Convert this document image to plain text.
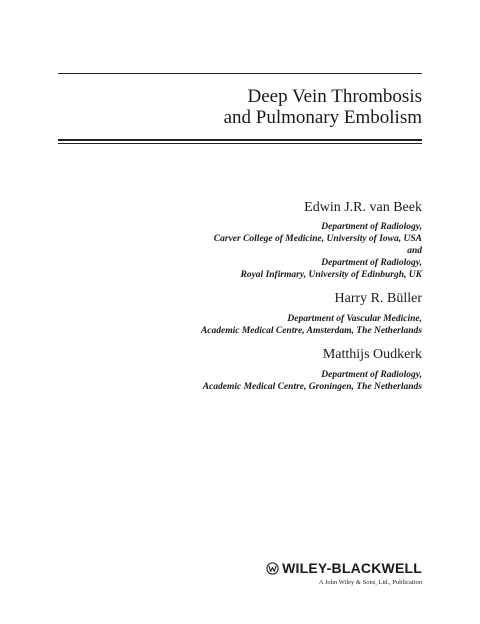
Deep Vein Thrombosis
and Pulmonary Embolism
Edwin J.R. van Beek
Department of Radiology,
Carver College of Medicine, University of Iowa, USA
and
Department of Radiology,
Royal Infirmary, University of Edinburgh, UK
Harry R. Büller
Department of Vascular Medicine,
Academic Medical Centre, Amsterdam, The Netherlands
Matthijs Oudkerk
Department of Radiology,
Academic Medical Centre, Groningen, The Netherlands
WILEY-BLACKWELL
A John Wiley & Sons, Ltd., Publication
